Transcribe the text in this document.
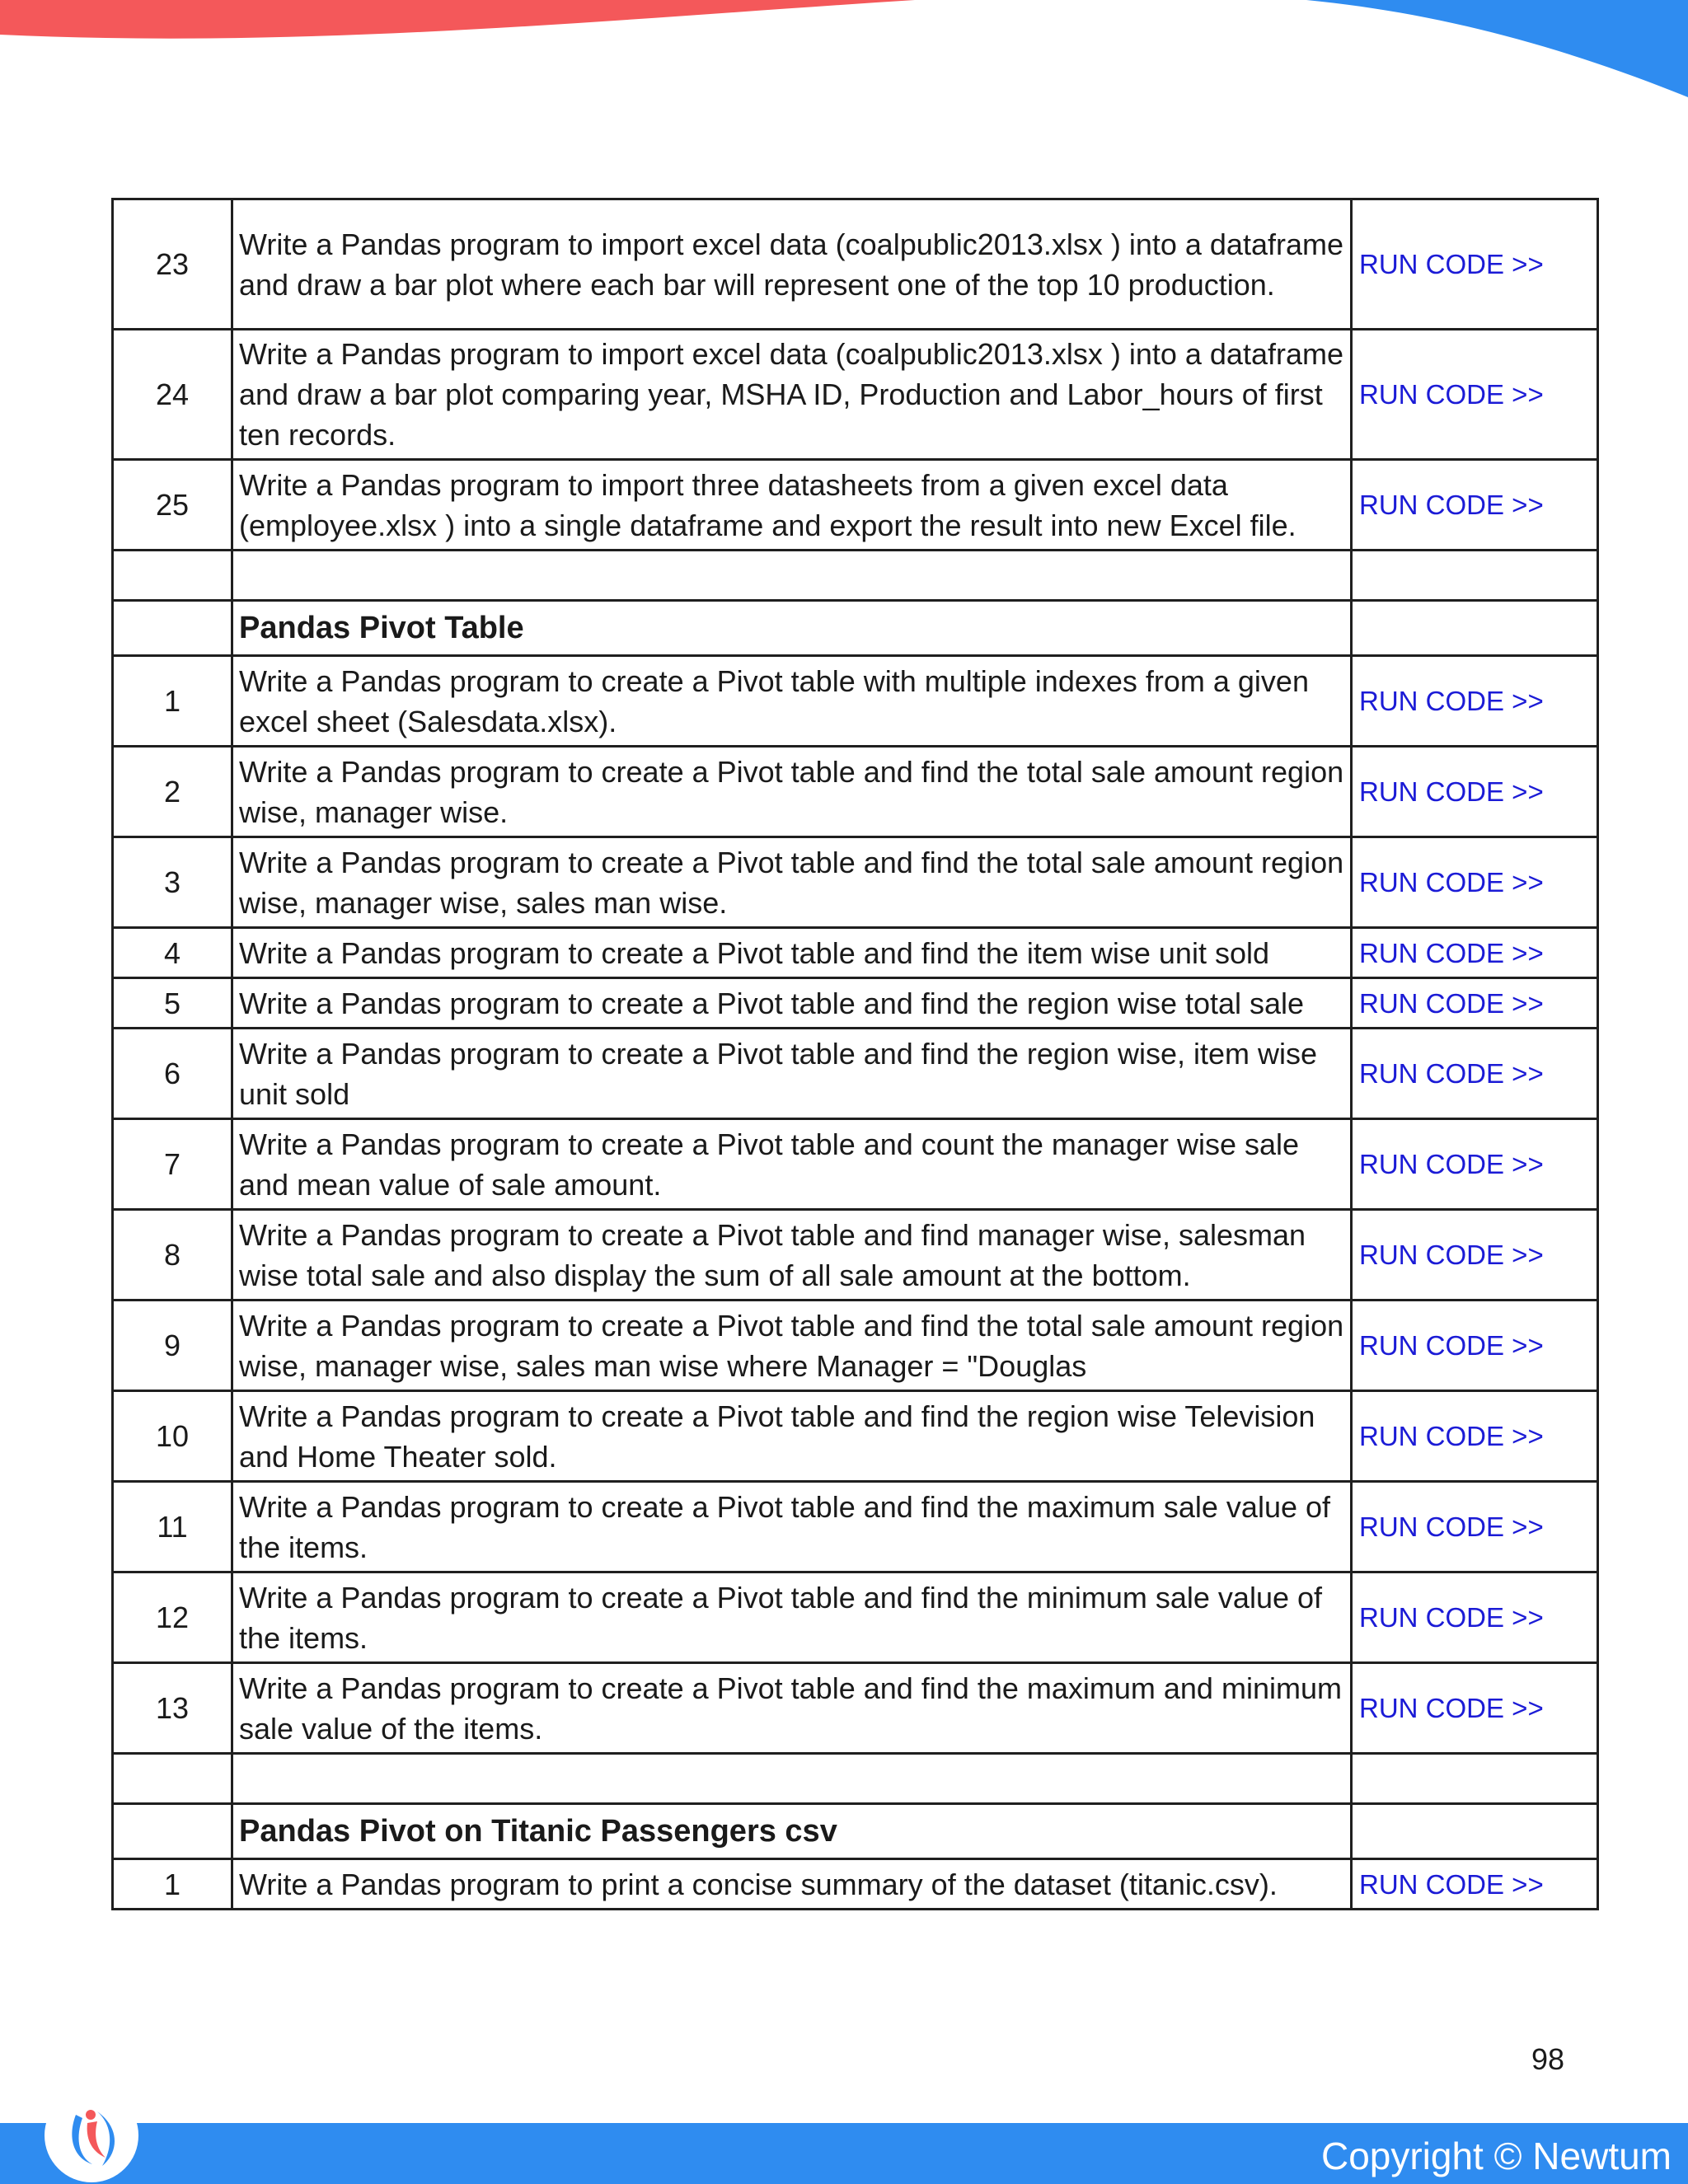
23	Write a Pandas program to import excel data (coalpublic2013.xlsx ) into a dataframe and draw a bar plot where each bar will represent one of the top 10 production.	RUN CODE >>
24	Write a Pandas program to import excel data (coalpublic2013.xlsx ) into a dataframe and draw a bar plot comparing year, MSHA ID, Production and Labor_hours of first ten records.	RUN CODE >>
25	Write a Pandas program to import three datasheets from a given excel data (employee.xlsx ) into a single dataframe and export the result into new Excel file.	RUN CODE >>

	Pandas Pivot Table	
1	Write a Pandas program to create a Pivot table with multiple indexes from a given excel sheet (Salesdata.xlsx).	RUN CODE >>
2	Write a Pandas program to create a Pivot table and find the total sale amount region wise, manager wise.	RUN CODE >>
3	Write a Pandas program to create a Pivot table and find the total sale amount region wise, manager wise, sales man wise.	RUN CODE >>
4	Write a Pandas program to create a Pivot table and find the item wise unit sold	RUN CODE >>
5	Write a Pandas program to create a Pivot table and find the region wise total sale	RUN CODE >>
6	Write a Pandas program to create a Pivot table and find the region wise, item wise unit sold	RUN CODE >>
7	Write a Pandas program to create a Pivot table and count the manager wise sale and mean value of sale amount.	RUN CODE >>
8	Write a Pandas program to create a Pivot table and find manager wise, salesman wise total sale and also display the sum of all sale amount at the bottom.	RUN CODE >>
9	Write a Pandas program to create a Pivot table and find the total sale amount region wise, manager wise, sales man wise where Manager = "Douglas	RUN CODE >>
10	Write a Pandas program to create a Pivot table and find the region wise Television and Home Theater sold.	RUN CODE >>
11	Write a Pandas program to create a Pivot table and find the maximum sale value of the items.	RUN CODE >>
12	Write a Pandas program to create a Pivot table and find the minimum sale value of the items.	RUN CODE >>
13	Write a Pandas program to create a Pivot table and find the maximum and minimum sale value of the items.	RUN CODE >>

	Pandas Pivot on Titanic Passengers csv	
1	Write a Pandas program to print a concise summary of the dataset (titanic.csv).	RUN CODE >>
98
Copyright © Newtum
